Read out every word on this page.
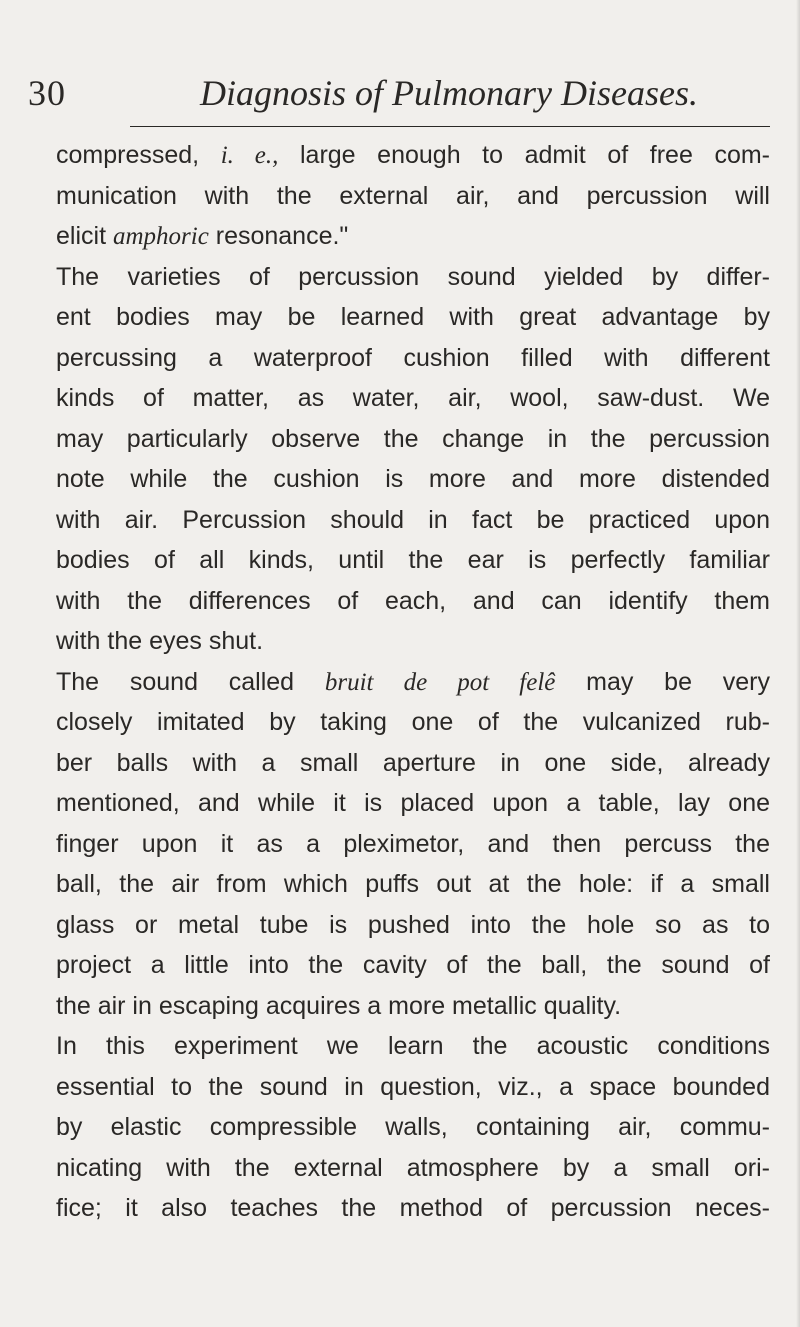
30	Diagnosis of Pulmonary Diseases.
compressed, i. e., large enough to admit of free com-
munication with the external air, and percussion will
elicit amphoric resonance."
The varieties of percussion sound yielded by differ-
ent bodies may be learned with great advantage by
percussing a waterproof cushion filled with different
kinds of matter, as water, air, wool, saw-dust. We
may particularly observe the change in the percussion
note while the cushion is more and more distended
with air. Percussion should in fact be practiced upon
bodies of all kinds, until the ear is perfectly familiar
with the differences of each, and can identify them
with the eyes shut.
The sound called bruit de pot felê may be very
closely imitated by taking one of the vulcanized rub-
ber balls with a small aperture in one side, already
mentioned, and while it is placed upon a table, lay one
finger upon it as a pleximetor, and then percuss the
ball, the air from which puffs out at the hole: if a small
glass or metal tube is pushed into the hole so as to
project a little into the cavity of the ball, the sound of
the air in escaping acquires a more metallic quality.
In this experiment we learn the acoustic conditions
essential to the sound in question, viz., a space bounded
by elastic compressible walls, containing air, commu-
nicating with the external atmosphere by a small ori-
fice; it also teaches the method of percussion neces-
